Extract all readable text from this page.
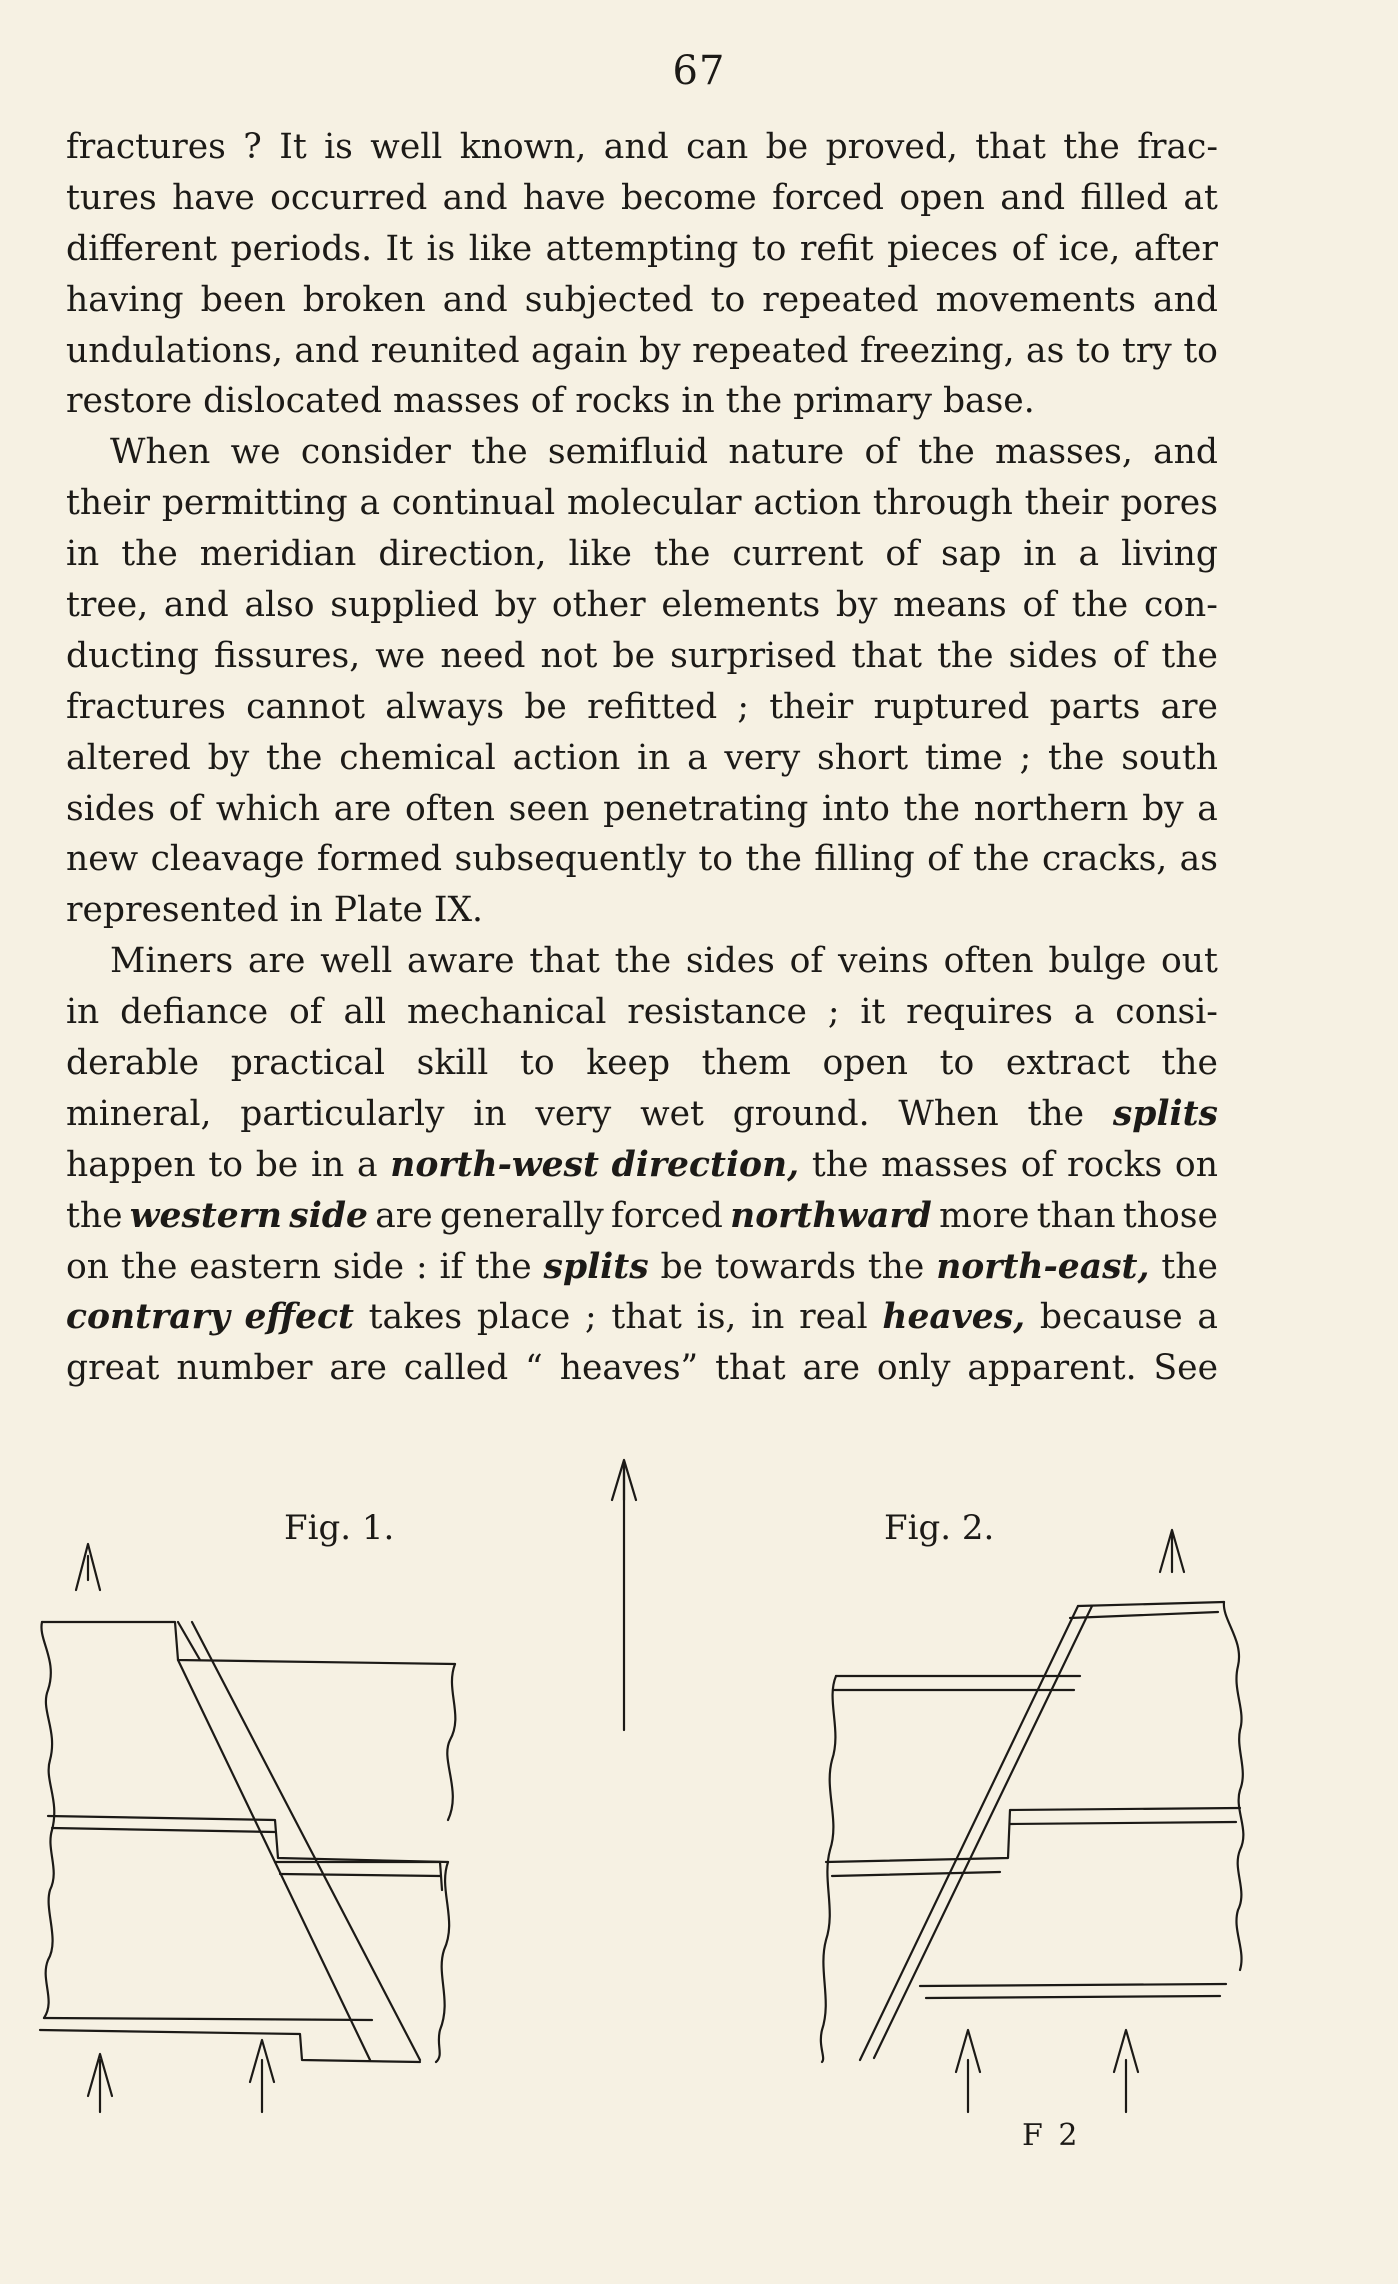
67
fractures ? It is well known, and can be proved, that the frac-
tures have occurred and have become forced open and filled at
different periods. It is like attempting to refit pieces of ice, after
having been broken and subjected to repeated movements and
undulations, and reunited again by repeated freezing, as to try to
restore dislocated masses of rocks in the primary base.
When we consider the semifluid nature of the masses, and
their permitting a continual molecular action through their pores
in the meridian direction, like the current of sap in a living
tree, and also supplied by other elements by means of the con-
ducting fissures, we need not be surprised that the sides of the
fractures cannot always be refitted ; their ruptured parts are
altered by the chemical action in a very short time ; the south
sides of which are often seen penetrating into the northern by a
new cleavage formed subsequently to the filling of the cracks, as
represented in Plate IX.
Miners are well aware that the sides of veins often bulge out
in defiance of all mechanical resistance ; it requires a consi-
derable practical skill to keep them open to extract the
mineral, particularly in very wet ground. When the splits
happen to be in a north-west direction, the masses of rocks on
the western side are generally forced northward more than those
on the eastern side : if the splits be towards the north-east, the
contrary effect takes place ; that is, in real heaves, because a
great number are called “ heaves” that are only apparent. See
Fig. 1.	Fig. 2.
F 2
